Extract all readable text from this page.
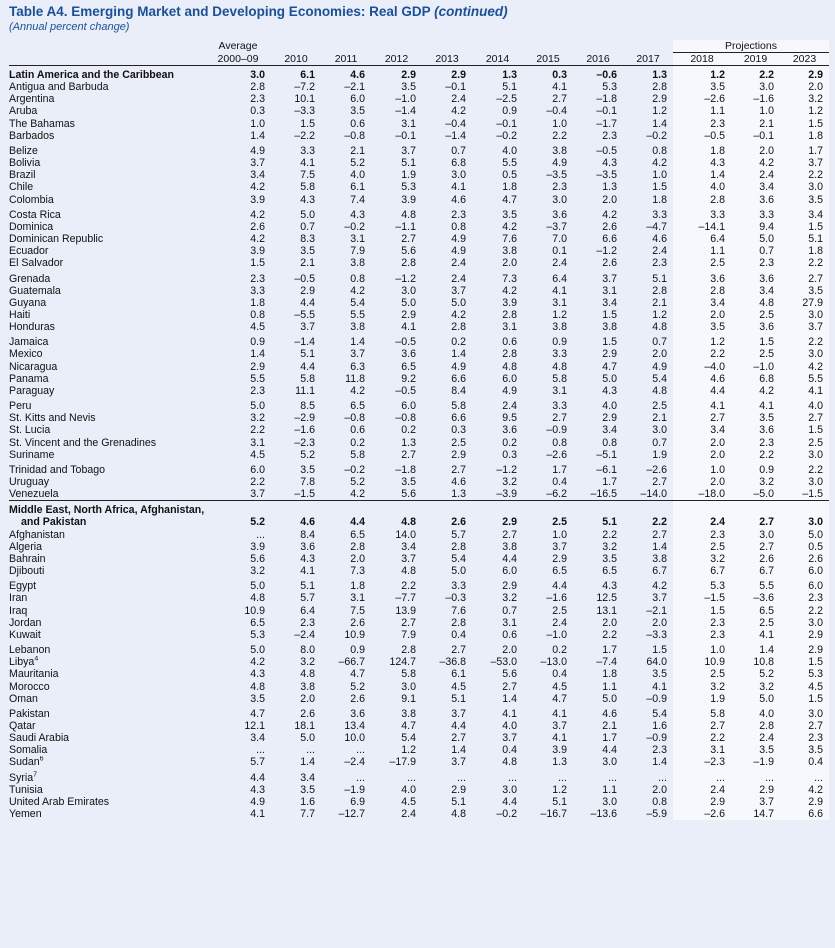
Table A4. Emerging Market and Developing Economies: Real GDP (continued)
(Annual percent change)
	Average									Projections		
	2000–09	2010	2011	2012	2013	2014	2015	2016	2017	2018	2019	2023
Latin America and the Caribbean	3.0	6.1	4.6	2.9	2.9	1.3	0.3	–0.6	1.3	1.2	2.2	2.9
Antigua and Barbuda	2.8	–7.2	–2.1	3.5	–0.1	5.1	4.1	5.3	2.8	3.5	3.0	2.0
Argentina	2.3	10.1	6.0	–1.0	2.4	–2.5	2.7	–1.8	2.9	–2.6	–1.6	3.2
Aruba	0.3	–3.3	3.5	–1.4	4.2	0.9	–0.4	–0.1	1.2	1.1	1.0	1.2
The Bahamas	1.0	1.5	0.6	3.1	–0.4	–0.1	1.0	–1.7	1.4	2.3	2.1	1.5
Barbados	1.4	–2.2	–0.8	–0.1	–1.4	–0.2	2.2	2.3	–0.2	–0.5	–0.1	1.8
Belize	4.9	3.3	2.1	3.7	0.7	4.0	3.8	–0.5	0.8	1.8	2.0	1.7
Bolivia	3.7	4.1	5.2	5.1	6.8	5.5	4.9	4.3	4.2	4.3	4.2	3.7
Brazil	3.4	7.5	4.0	1.9	3.0	0.5	–3.5	–3.5	1.0	1.4	2.4	2.2
Chile	4.2	5.8	6.1	5.3	4.1	1.8	2.3	1.3	1.5	4.0	3.4	3.0
Colombia	3.9	4.3	7.4	3.9	4.6	4.7	3.0	2.0	1.8	2.8	3.6	3.5
Costa Rica	4.2	5.0	4.3	4.8	2.3	3.5	3.6	4.2	3.3	3.3	3.3	3.4
Dominica	2.6	0.7	–0.2	–1.1	0.8	4.2	–3.7	2.6	–4.7	–14.1	9.4	1.5
Dominican Republic	4.2	8.3	3.1	2.7	4.9	7.6	7.0	6.6	4.6	6.4	5.0	5.1
Ecuador	3.9	3.5	7.9	5.6	4.9	3.8	0.1	–1.2	2.4	1.1	0.7	1.8
El Salvador	1.5	2.1	3.8	2.8	2.4	2.0	2.4	2.6	2.3	2.5	2.3	2.2
Grenada	2.3	–0.5	0.8	–1.2	2.4	7.3	6.4	3.7	5.1	3.6	3.6	2.7
Guatemala	3.3	2.9	4.2	3.0	3.7	4.2	4.1	3.1	2.8	2.8	3.4	3.5
Guyana	1.8	4.4	5.4	5.0	5.0	3.9	3.1	3.4	2.1	3.4	4.8	27.9
Haiti	0.8	–5.5	5.5	2.9	4.2	2.8	1.2	1.5	1.2	2.0	2.5	3.0
Honduras	4.5	3.7	3.8	4.1	2.8	3.1	3.8	3.8	4.8	3.5	3.6	3.7
Jamaica	0.9	–1.4	1.4	–0.5	0.2	0.6	0.9	1.5	0.7	1.2	1.5	2.2
Mexico	1.4	5.1	3.7	3.6	1.4	2.8	3.3	2.9	2.0	2.2	2.5	3.0
Nicaragua	2.9	4.4	6.3	6.5	4.9	4.8	4.8	4.7	4.9	–4.0	–1.0	4.2
Panama	5.5	5.8	11.8	9.2	6.6	6.0	5.8	5.0	5.4	4.6	6.8	5.5
Paraguay	2.3	11.1	4.2	–0.5	8.4	4.9	3.1	4.3	4.8	4.4	4.2	4.1
Peru	5.0	8.5	6.5	6.0	5.8	2.4	3.3	4.0	2.5	4.1	4.1	4.0
St. Kitts and Nevis	3.2	–2.9	–0.8	–0.8	6.6	9.5	2.7	2.9	2.1	2.7	3.5	2.7
St. Lucia	2.2	–1.6	0.6	0.2	0.3	3.6	–0.9	3.4	3.0	3.4	3.6	1.5
St. Vincent and the Grenadines	3.1	–2.3	0.2	1.3	2.5	0.2	0.8	0.8	0.7	2.0	2.3	2.5
Suriname	4.5	5.2	5.8	2.7	2.9	0.3	–2.6	–5.1	1.9	2.0	2.2	3.0
Trinidad and Tobago	6.0	3.5	–0.2	–1.8	2.7	–1.2	1.7	–6.1	–2.6	1.0	0.9	2.2
Uruguay	2.2	7.8	5.2	3.5	4.6	3.2	0.4	1.7	2.7	2.0	3.2	3.0
Venezuela	3.7	–1.5	4.2	5.6	1.3	–3.9	–6.2	–16.5	–14.0	–18.0	–5.0	–1.5
Middle East, North Africa, Afghanistan,												
and Pakistan	5.2	4.6	4.4	4.8	2.6	2.9	2.5	5.1	2.2	2.4	2.7	3.0
Afghanistan	...	8.4	6.5	14.0	5.7	2.7	1.0	2.2	2.7	2.3	3.0	5.0
Algeria	3.9	3.6	2.8	3.4	2.8	3.8	3.7	3.2	1.4	2.5	2.7	0.5
Bahrain	5.6	4.3	2.0	3.7	5.4	4.4	2.9	3.5	3.8	3.2	2.6	2.6
Djibouti	3.2	4.1	7.3	4.8	5.0	6.0	6.5	6.5	6.7	6.7	6.7	6.0
Egypt	5.0	5.1	1.8	2.2	3.3	2.9	4.4	4.3	4.2	5.3	5.5	6.0
Iran	4.8	5.7	3.1	–7.7	–0.3	3.2	–1.6	12.5	3.7	–1.5	–3.6	2.3
Iraq	10.9	6.4	7.5	13.9	7.6	0.7	2.5	13.1	–2.1	1.5	6.5	2.2
Jordan	6.5	2.3	2.6	2.7	2.8	3.1	2.4	2.0	2.0	2.3	2.5	3.0
Kuwait	5.3	–2.4	10.9	7.9	0.4	0.6	–1.0	2.2	–3.3	2.3	4.1	2.9
Lebanon	5.0	8.0	0.9	2.8	2.7	2.0	0.2	1.7	1.5	1.0	1.4	2.9
Libya$^4$	4.2	3.2	–66.7	124.7	–36.8	–53.0	–13.0	–7.4	64.0	10.9	10.8	1.5
Mauritania	4.3	4.8	4.7	5.8	6.1	5.6	0.4	1.8	3.5	2.5	5.2	5.3
Morocco	4.8	3.8	5.2	3.0	4.5	2.7	4.5	1.1	4.1	3.2	3.2	4.5
Oman	3.5	2.0	2.6	9.1	5.1	1.4	4.7	5.0	–0.9	1.9	5.0	1.5
Pakistan	4.7	2.6	3.6	3.8	3.7	4.1	4.1	4.6	5.4	5.8	4.0	3.0
Qatar	12.1	18.1	13.4	4.7	4.4	4.0	3.7	2.1	1.6	2.7	2.8	2.7
Saudi Arabia	3.4	5.0	10.0	5.4	2.7	3.7	4.1	1.7	–0.9	2.2	2.4	2.3
Somalia	...	...	...	1.2	1.4	0.4	3.9	4.4	2.3	3.1	3.5	3.5
Sudan$^6$	5.7	1.4	–2.4	–17.9	3.7	4.8	1.3	3.0	1.4	–2.3	–1.9	0.4
Syria$^7$	4.4	3.4	...	...	...	...	...	...	...	...	...	...
Tunisia	4.3	3.5	–1.9	4.0	2.9	3.0	1.2	1.1	2.0	2.4	2.9	4.2
United Arab Emirates	4.9	1.6	6.9	4.5	5.1	4.4	5.1	3.0	0.8	2.9	3.7	2.9
Yemen	4.1	7.7	–12.7	2.4	4.8	–0.2	–16.7	–13.6	–5.9	–2.6	14.7	6.6
